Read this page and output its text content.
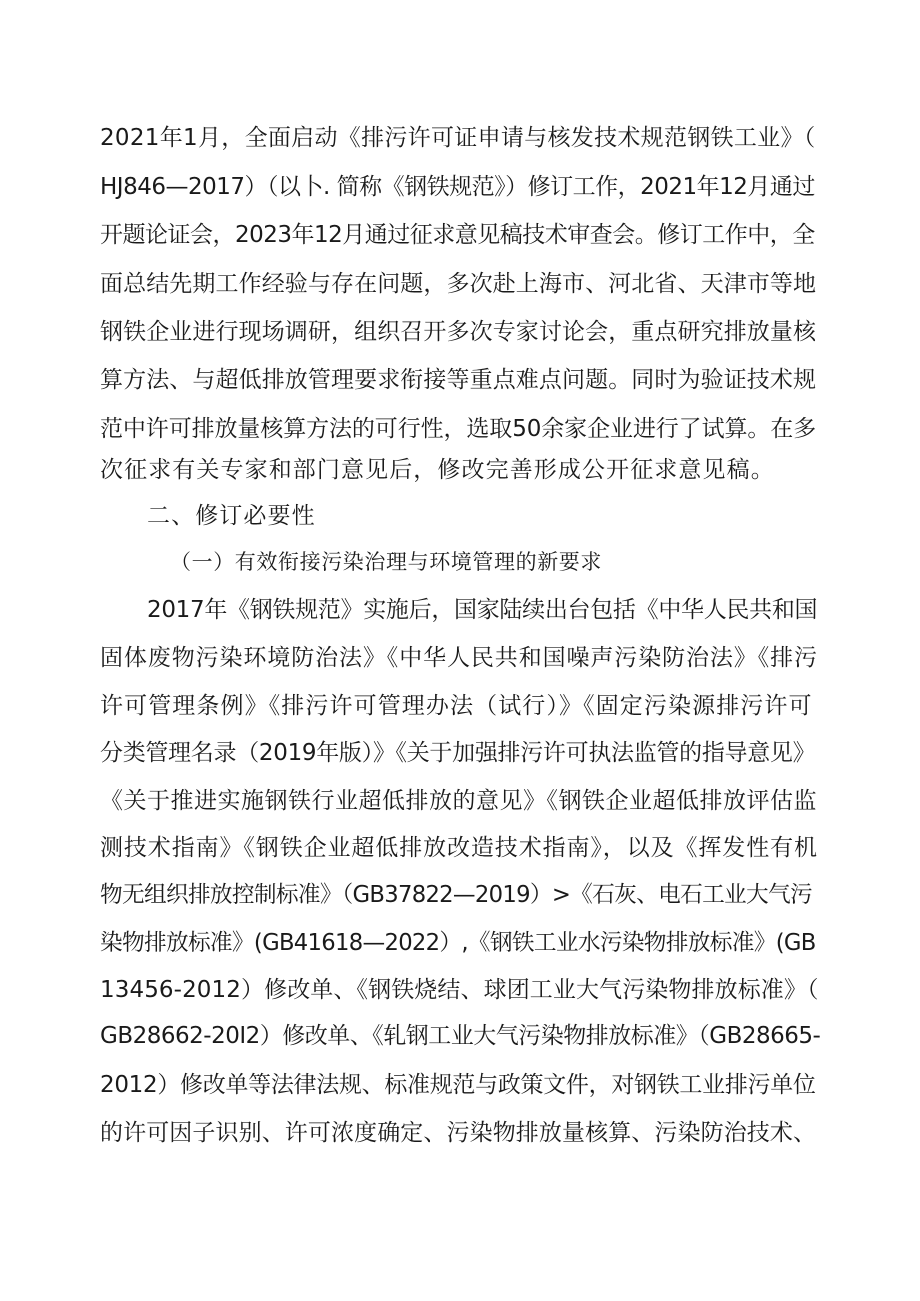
2021年1月，全面启动《排污许可证申请与核发技术规范钢铁工业》（
HJ846—2017）（以卜. 简称《钢铁规范》）修订工作，2021年12月通过
开题论证会，2023年12月通过征求意见稿技术审查会。修订工作中，全
面总结先期工作经验与存在问题，多次赴上海市、河北省、天津市等地
钢铁企业进行现场调研，组织召开多次专家讨论会，重点研究排放量核
算方法、与超低排放管理要求衔接等重点难点问题。同时为验证技术规
范中许可排放量核算方法的可行性，选取50余家企业进行了试算。在多
次征求有关专家和部门意见后，修改完善形成公开征求意见稿。
二、修订必要性
（一）有效衔接污染治理与环境管理的新要求
2017年《钢铁规范》实施后，国家陆续出台包括《中华人民共和国
固体废物污染环境防治法》《中华人民共和国噪声污染防治法》《排污
许可管理条例》《排污许可管理办法（试行）》《固定污染源排污许可
分类管理名录（2019年版）》《关于加强排污许可执法监管的指导意见》
《关于推进实施钢铁行业超低排放的意见》《钢铁企业超低排放评估监
测技术指南》《钢铁企业超低排放改造技术指南》，以及《挥发性有机
物无组织排放控制标准》（GB37822—2019）>《石灰、电石工业大气污
染物排放标准》(GB41618—2022）,《钢铁工业水污染物排放标准》(GB
13456-2012）修改单、《钢铁烧结、球团工业大气污染物排放标准》（
GB28662-20I2）修改单、《轧钢工业大气污染物排放标准》（GB28665-
2012）修改单等法律法规、标准规范与政策文件，对钢铁工业排污单位
的许可因子识别、许可浓度确定、污染物排放量核算、污染防治技术、
